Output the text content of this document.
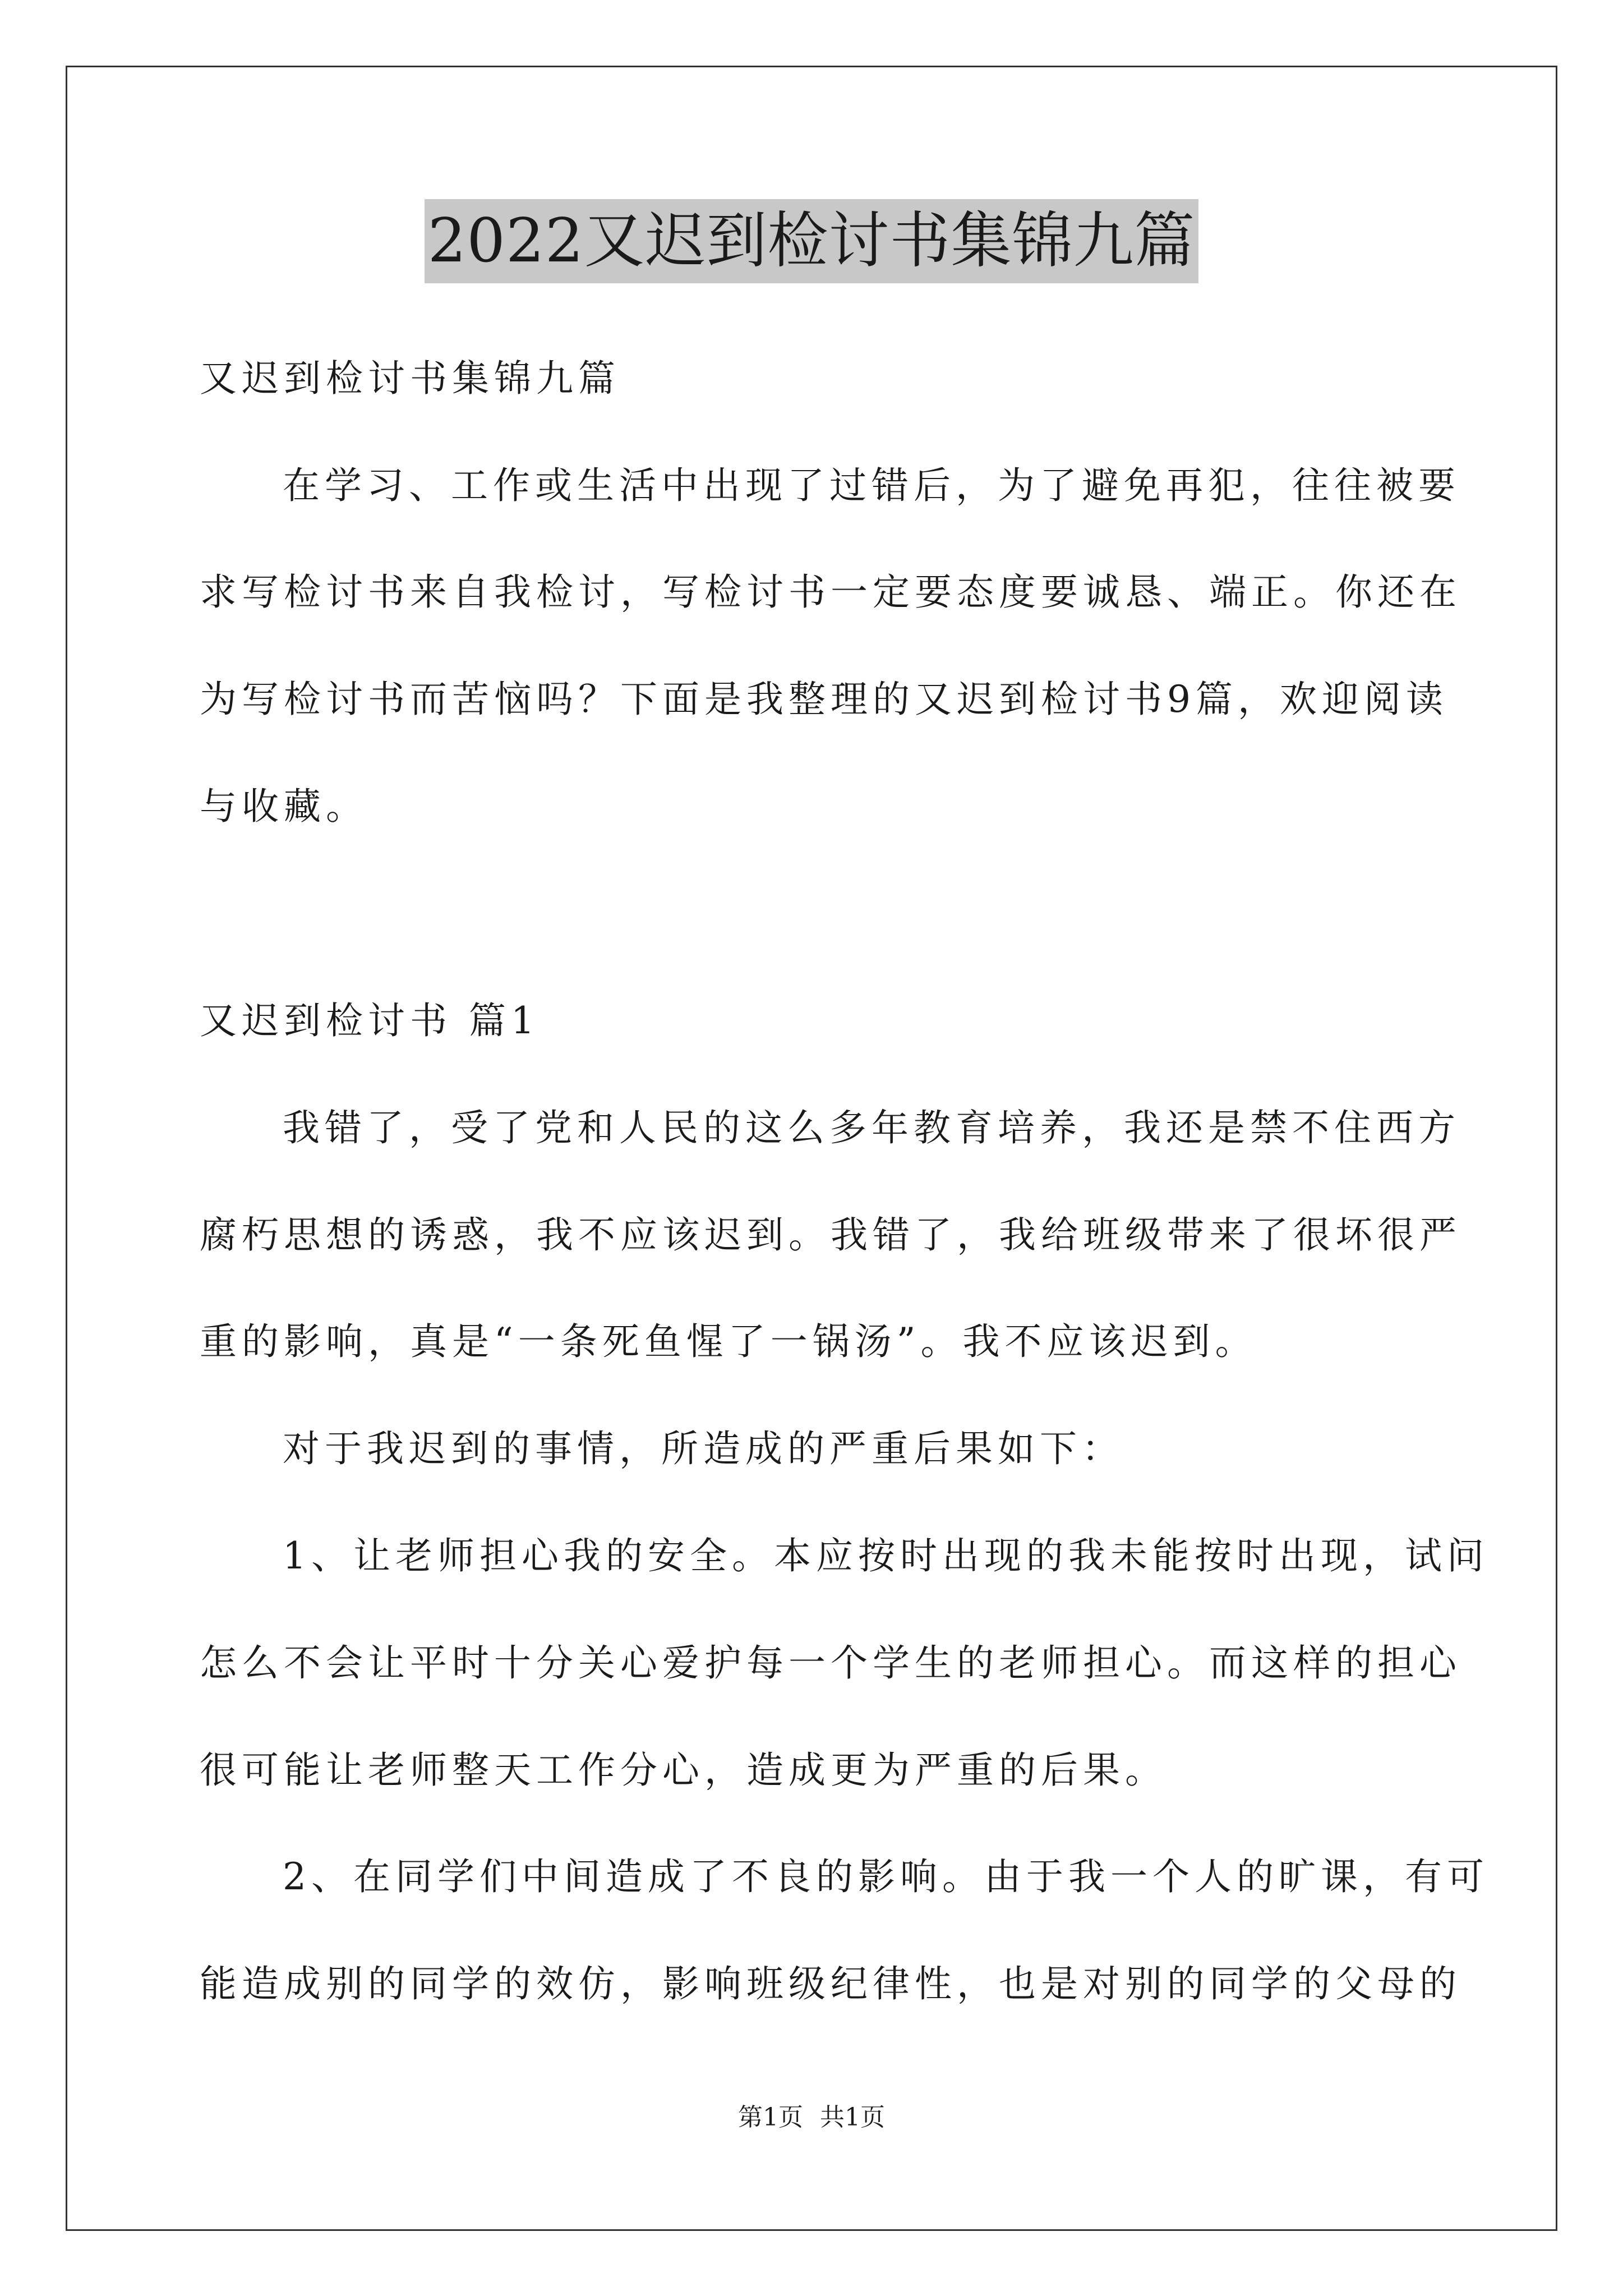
2022又迟到检讨书集锦九篇
又迟到检讨书集锦九篇
在学习、工作或生活中出现了过错后，为了避免再犯，往往被要
求写检讨书来自我检讨，写检讨书一定要态度要诚恳、端正。你还在
为写检讨书而苦恼吗？下面是我整理的又迟到检讨书9篇，欢迎阅读
与收藏。
又迟到检讨书 篇1
我错了，受了党和人民的这么多年教育培养，我还是禁不住西方
腐朽思想的诱惑，我不应该迟到。我错了，我给班级带来了很坏很严
重的影响，真是“一条死鱼惺了一锅汤”。我不应该迟到。
对于我迟到的事情，所造成的严重后果如下：
1、让老师担心我的安全。本应按时出现的我未能按时出现，试问
怎么不会让平时十分关心爱护每一个学生的老师担心。而这样的担心
很可能让老师整天工作分心，造成更为严重的后果。
2、在同学们中间造成了不良的影响。由于我一个人的旷课，有可
能造成别的同学的效仿，影响班级纪律性，也是对别的同学的父母的
第1页 共1页
